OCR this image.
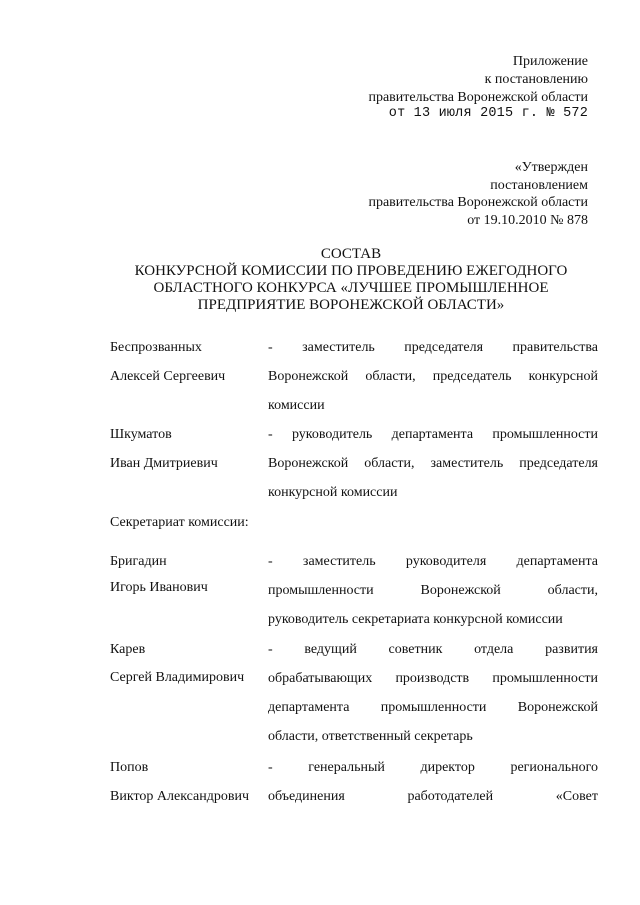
Приложение
к постановлению
правительства Воронежской области
от 13 июля 2015 г. № 572
«Утвержден
постановлением
правительства Воронежской области
от 19.10.2010 № 878
СОСТАВ
КОНКУРСНОЙ КОМИССИИ ПО ПРОВЕДЕНИЮ ЕЖЕГОДНОГО
ОБЛАСТНОГО КОНКУРСА «ЛУЧШЕЕ ПРОМЫШЛЕННОЕ
ПРЕДПРИЯТИЕ ВОРОНЕЖСКОЙ ОБЛАСТИ»
Беспрозванных
Алексей Сергеевич
- заместитель председателя правительства
Воронежской области, председатель конкурсной
комиссии
Шкуматов
Иван Дмитриевич
- руководитель департамента промышленности
Воронежской области, заместитель председателя
конкурсной комиссии
Секретариат комиссии:
Бригадин
Игорь Иванович
- заместитель руководителя департамента
промышленности Воронежской области,
руководитель секретариата конкурсной комиссии
Карев
Сергей Владимирович
- ведущий советник отдела развития
обрабатывающих производств промышленности
департамента промышленности Воронежской
области, ответственный секретарь
Попов
Виктор Александрович
- генеральный директор регионального
объединения работодателей «Совет
